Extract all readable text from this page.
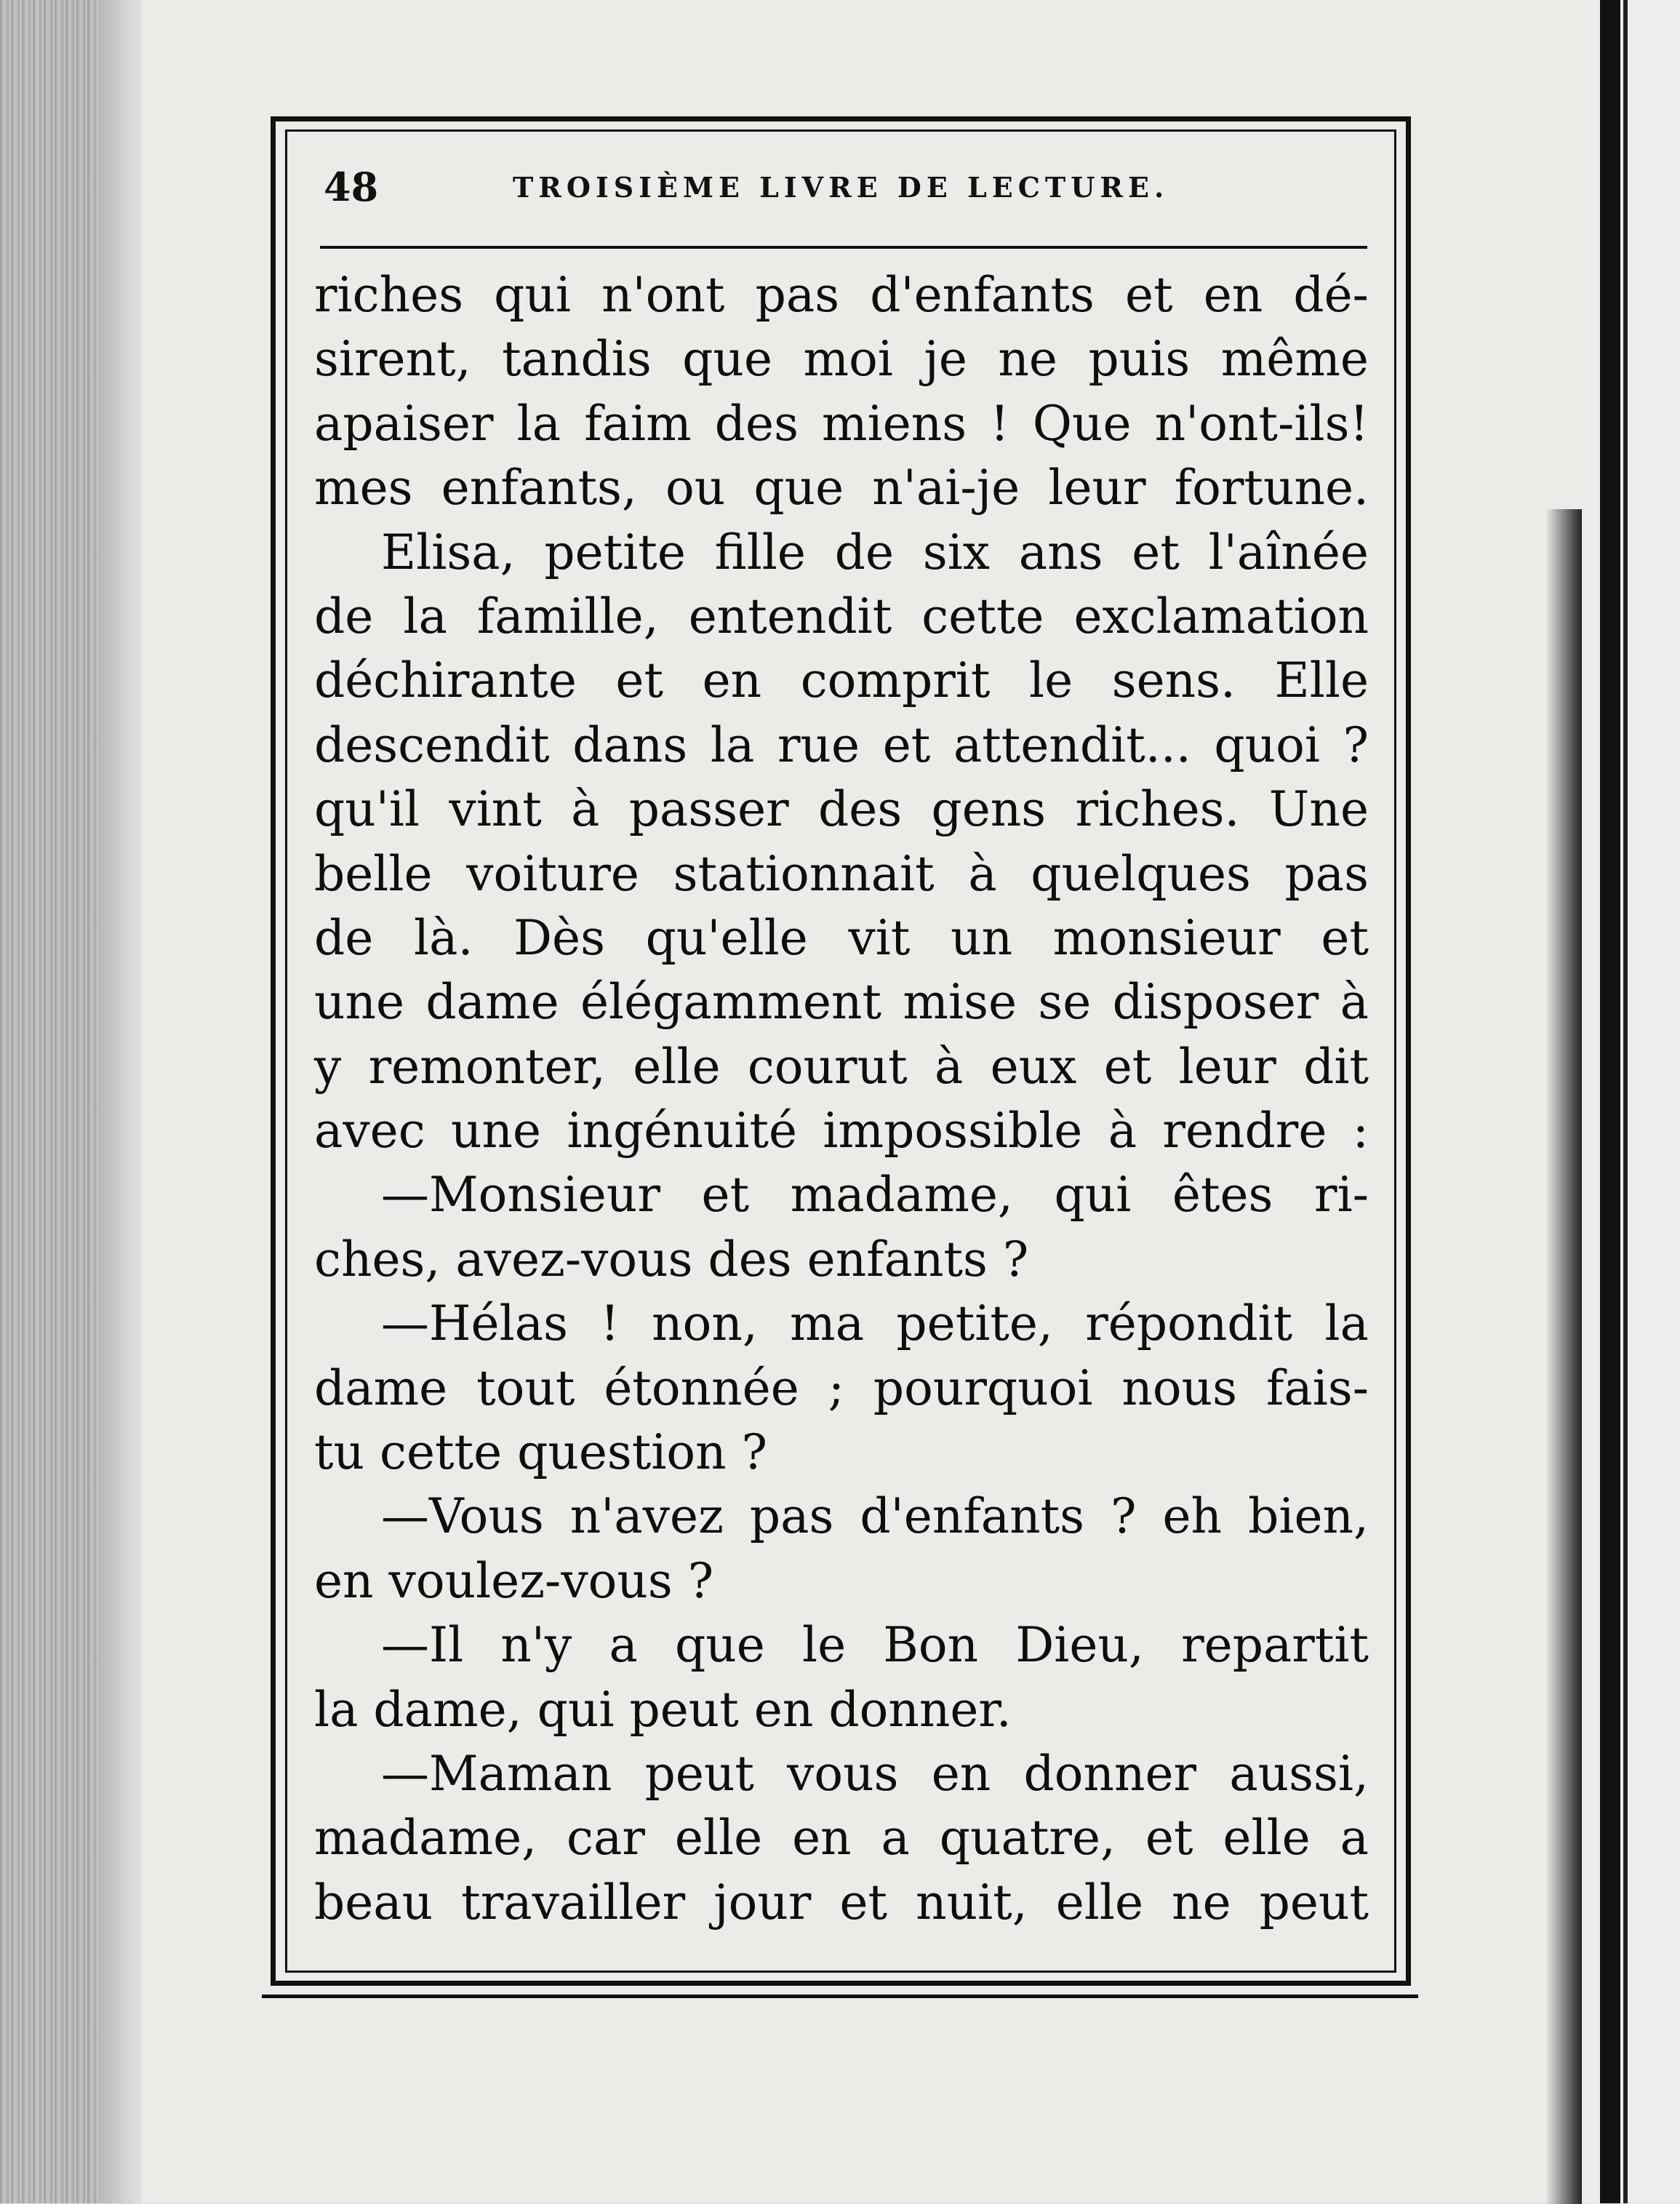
48	TROISIÈME LIVRE DE LECTURE.
riches qui n'ont pas d'enfants et en dé-
sirent, tandis que moi je ne puis même
apaiser la faim des miens ! Que n'ont-ils!
mes enfants, ou que n'ai-je leur fortune.
Elisa, petite fille de six ans et l'aînée
de la famille, entendit cette exclamation
déchirante et en comprit le sens. Elle
descendit dans la rue et attendit... quoi ?
qu'il vint à passer des gens riches. Une
belle voiture stationnait à quelques pas
de là. Dès qu'elle vit un monsieur et
une dame élégamment mise se disposer à
y remonter, elle courut à eux et leur dit
avec une ingénuité impossible à rendre :
—Monsieur et madame, qui êtes ri-
ches, avez-vous des enfants ?
—Hélas ! non, ma petite, répondit la
dame tout étonnée ; pourquoi nous fais-
tu cette question ?
—Vous n'avez pas d'enfants ? eh bien,
en voulez-vous ?
—Il n'y a que le Bon Dieu, repartit
la dame, qui peut en donner.
—Maman peut vous en donner aussi,
madame, car elle en a quatre, et elle a
beau travailler jour et nuit, elle ne peut
